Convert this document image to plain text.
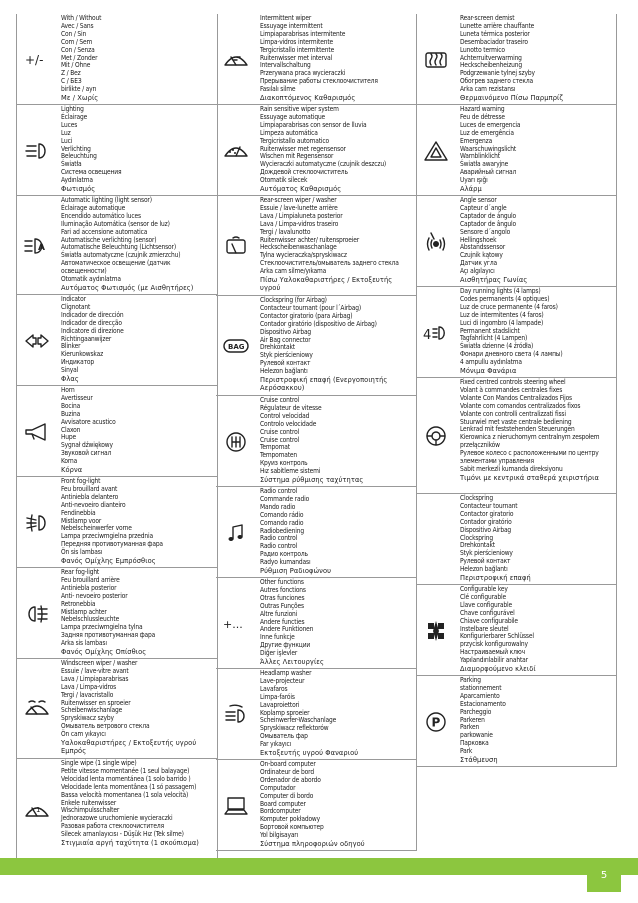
+/-
With / Without
Avec / Sans
Con / Sin
Com / Sem
Con / Senza
Met / Zonder
Mit / Ohne
Z / Bez
C / БЕЗ
birlikte / ayrı
Με / Χωρίς
Lighting
Éclairage
Luces
Luz
Luci
Verlichting
Beleuchtung
Światła
Система освещения
Aydınlatma
Φωτισμός
A
Automatic lighting (light sensor)
Éclairage automatique
Encendido automático luces
Iluminação Automática (sensor de luz)
Fari ad accensione automatica
Automatische verlichting (sensor)
Automatische Beleuchtung (Lichtsensor)
Światła automatyczne (czujnik zmierzchu)
Автоматическое освещение (датчик
освещенности)
Otomatik aydınlatma
Αυτόματος Φωτισμός (με Αισθητήρες)
Indicator
Clignotant
Indicador de dirección
Indicador de direcção
Indicatore di direzione
Richtingaanwijzer
Blinker
Kierunkowskaz
Индикатор
Sinyal
Φλας
Horn
Avertisseur
Bocina
Buzina
Avvisatore acustico
Claxon
Hupe
Sygnał dźwiękowy
Звуковой сигнал
Korna
Κόρνα
Front fog-light
Feu brouillard avant
Antiniebla delantero
Anti-nevoeiro dianteiro
Fendinebbia
Mistlamp voor
Nebelscheinwerfer vorne
Lampa przeciwmgielna przednia
Передняя противотуманная фара
Ön sis lambası
Φανός Ομίχλης Εμπρόσθιος
Rear fog-light
Feu brouillard arrière
Antiniebla posterior
Anti- nevoeiro posterior
Retronebbia
Mistlamp achter
Nebelschlussleuchte
Lampa przeciwmgielna tylna
Задняя противотуманная фара
Arka sis lambası
Φανός Ομίχλης Οπίσθιος
Windscreen wiper / washer
Essuie / lave-vitre avant
Lava / Limpiaparabrisas
Lava / Limpa-vidros
Tergi / lavacristallo
Ruitenwisser en sproeier
Scheibenwischanlage
Spryskiwacz szyby
Омыватель ветрового стекла
Ön cam yıkayıcı
Υαλοκαθαριστήρες / Εκτοξευτής υγρού Εμπρός
1
Single wipe (1 single wipe)
Petite vitesse momentanée (1 seul balayage)
Velocidad lenta momentánea (1 solo barrido )
Velocidade lenta momentânea (1 só passagem)
Bassa velocità momentanea (1 sola velocità)
Enkele ruitenwisser
Wischimpulsschalter
Jednorazowe uruchomienie wycieraczki
Разовая работа стеклоочистителя
Silecek arnanlayıcısı - Düşük Hız (Tek silme)
Στιγμιαία αργή ταχύτητα (1 σκούπισμα)
Intermittent wiper
Essuyage intermittent
Limpiaparabrisas intermitente
Limpa-vidros intermitente
Tergicristallo intermittente
Ruitenwisser met interval
Intervallschaltung
Przerywana praca wycieraczki
Прерывание работы стеклоочистителя
Fasılalı silme
Διακοπτόμενος Καθαρισμός
Rain sensitive wiper system
Essuyage automatique
Limpiaparabrisas con sensor de lluvia
Limpeza automática
Tergicristallo automatico
Ruitenwisser met regensensor
Wischen mit Regensensor
Wycieraczki automatyczne (czujnik deszczu)
Дождевой стеклоочиститель
Otomatik silecek
Αυτόματος Καθαρισμός
Rear-screen wiper / washer
Essuie / lave-lunette arrière
Lava / Limpialuneta posterior
Lava / Limpa-vidros traseiro
Tergi / lavalunotto
Ruitenwisser achter/ ruitensproeier
Heckscheibenwaschanlage
Tylna wycieraczka/spryskiwacz
Стеклоочиститель/омыватель заднего стекла
Arka cam silme/yıkama
Πίσω Υαλοκαθαριστήρες / Εκτοξευτής υγρού
BAG
Clockspring (for Airbag)
Contacteur tournant (pour l´Airbag)
Contactor giratorio (para Airbag)
Contador giratório (dispositivo de Airbag)
Dispositivo Airbag
Air Bag connector
Drehkontakt
Styk pierścieniowy
Рулевой контакт
Helezon bağlantı
Περιστροφική επαφή (Ενεργοποιητής Αερόσακκου)
Cruise control
Régulateur de vitesse
Control velocidad
Controlo velocidade
Cruise control
Cruise control
Tempomat
Tempomaten
Круиз контроль
Hız sabitleme sistemi
Σύστημα ρύθμισης ταχύτητας
Radio control
Commande radio
Mando radio
Comando rádio
Comando radio
Radiobediening
Radio control
Radio control
Радио контроль
Radyo kumandası
Ρύθμιση Ραδιοφώνου
+...
Other functions
Autres fonctions
Otras funciones
Outras Funções
Altre funzioni
Andere functies
Andere Funktionen
Inne funkcje
Другие функции
Diğer işlevler
Άλλες Λειτουργίες
Headlamp washer
Lave-projecteur
Lavafaros
Limpa-faróis
Lavaproiettori
Koplamp sproeier
Scheinwerfer-Waschanlage
Spryskiwacz reflektorów
Омыватель фар
Far yıkayıcı
Εκτοξευτής υγρού Φαναριού
On-board computer
Ordinateur de bord
Ordenador de abordo
Computador
Computer di bordo
Board computer
Bordcomputer
Komputer pokładowy
Бортовой компьютер
Yol bilgisayarı
Σύστημα πληροφοριών οδηγού
Rear-screen demist
Lunette arrière chauffante
Luneta térmica posterior
Desembaciador traseiro
Lunotto termico
Achterruitverwarming
Heckscheibenheizung
Podgrzewanie tylnej szyby
Обогрев заднего стекла
Arka cam rezistansı
Θερμαινόμενο Πίσω Παρμπρίζ
Hazard warning
Feu de détresse
Luces de emergencia
Luz de emergência
Emergenza
Waarschuwingslicht
Warnblinklicht
Światła awaryjne
Аварийный сигнал
Uyarı ışığı
Αλάρμ
Angle sensor
Capteur d´angle
Captador de ángulo
Captador de ângulo
Sensore d´angolo
Hellingshoek
Abstandssensor
Czujnik kątowy
Датчик угла
Açı algılayıcı
Αισθητήρας Γωνίας
4
Day running lights (4 lamps)
Codes permanents (4 optiques)
Luz de cruce permanente (4 faros)
Luz de intermitentes (4 faros)
Luci di ingombro (4 lampade)
Permanent stadslicht
Tagfahrlicht (4 Lampen)
Światła dzienne (4 źródła)
Фонари дневного света (4 лампы)
4 ampullu aydınlatma
Μόνιμα Φανάρια
Fixed centred controls steering wheel
Volant à commandes centrales fixes
Volante Con Mandos Centralizados Fijos
Volante com comandos centralizados fixos
Volante con controlli centralizzati fissi
Stuurwiel met vaste centrale bediening
Lenkrad mit feststehenden Steuerungen
Kierownica z nieruchomym centralnym zespołem
przełączników
Рулевое колесо с расположенными по центру
элементами управления
Sabit merkezli kumanda direksiyonu
Τιμόνι με κεντρικά σταθερά χειριστήρια
Clockspring
Contacteur tournant
Contactor giratorio
Contador giratório
Dispositivo Airbag
Clockspring
Drehkontakt
Styk pierścieniowy
Рулевой контакт
Helezon bağlantı
Περιστροφική επαφή
Configurable key
Clé configurable
Llave configurable
Chave configurável
Chiave configurabile
Instelbare sleutel
Konfigurierbarer Schlüssel
przycisk konfigurowalny
Настраиваемый ключ
Yapılandırılabilir anahtar
Διαμορφούμενο κλειδί
P
Parking
stationnement
Aparcamiento
Estacionamento
Parcheggio
Parkeren
Parken
parkowanie
Парковка
Park
Στάθμευση
5
